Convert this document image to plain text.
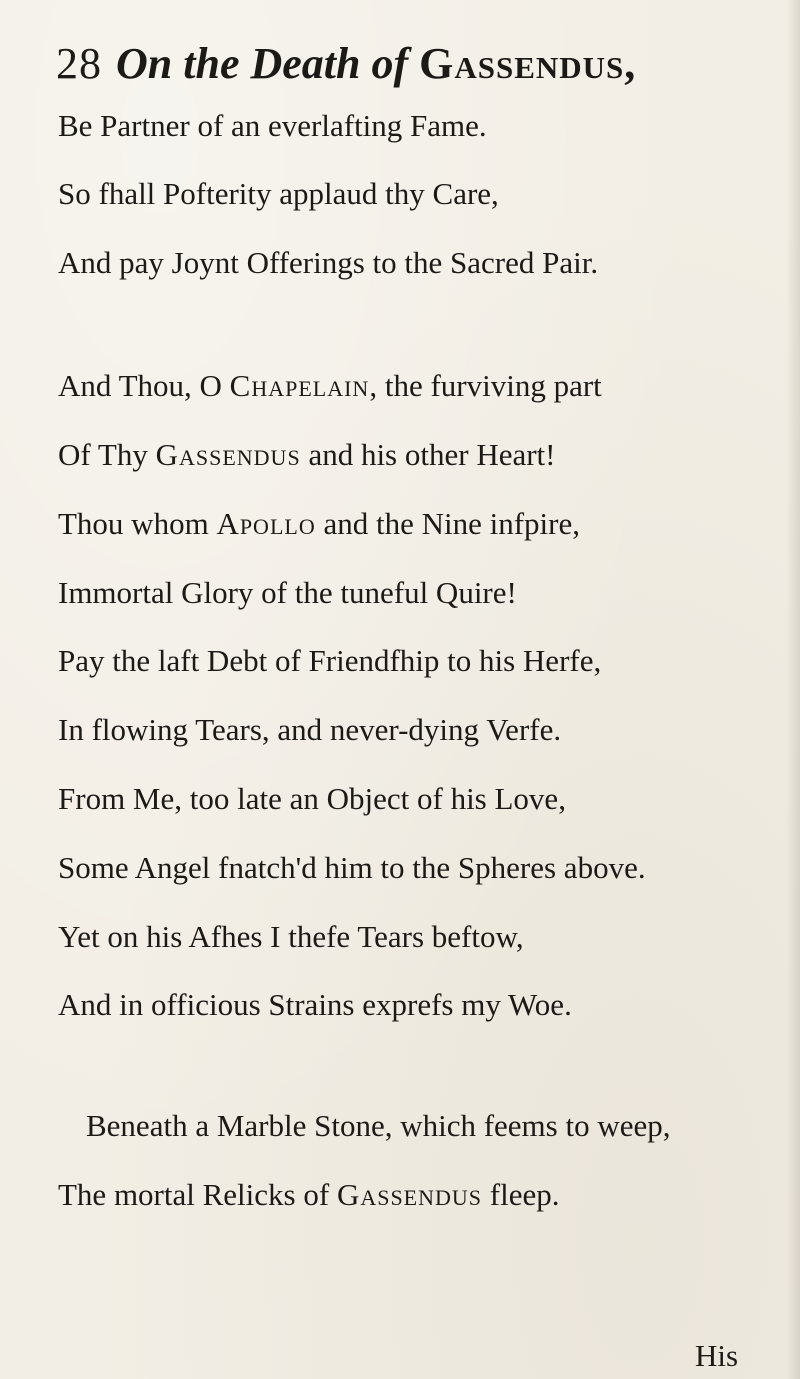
28 On the Death of Gassendus,
Be Partner of an everlafting Fame.
So fhall Pofterity applaud thy Care,
And pay Joynt Offerings to the Sacred Pair.
And Thou, O Chapelain, the furviving part
Of Thy Gassendus and his other Heart!
Thou whom Apollo and the Nine infpire,
Immortal Glory of the tuneful Quire!
Pay the laft Debt of Friendfhip to his Herfe,
In flowing Tears, and never-dying Verfe.
From Me, too late an Object of his Love,
Some Angel fnatch'd him to the Spheres above.
Yet on his Afhes I thefe Tears beftow,
And in officious Strains exprefs my Woe.
Beneath a Marble Stone, which feems to weep,
The mortal Relicks of Gassendus fleep.
His
